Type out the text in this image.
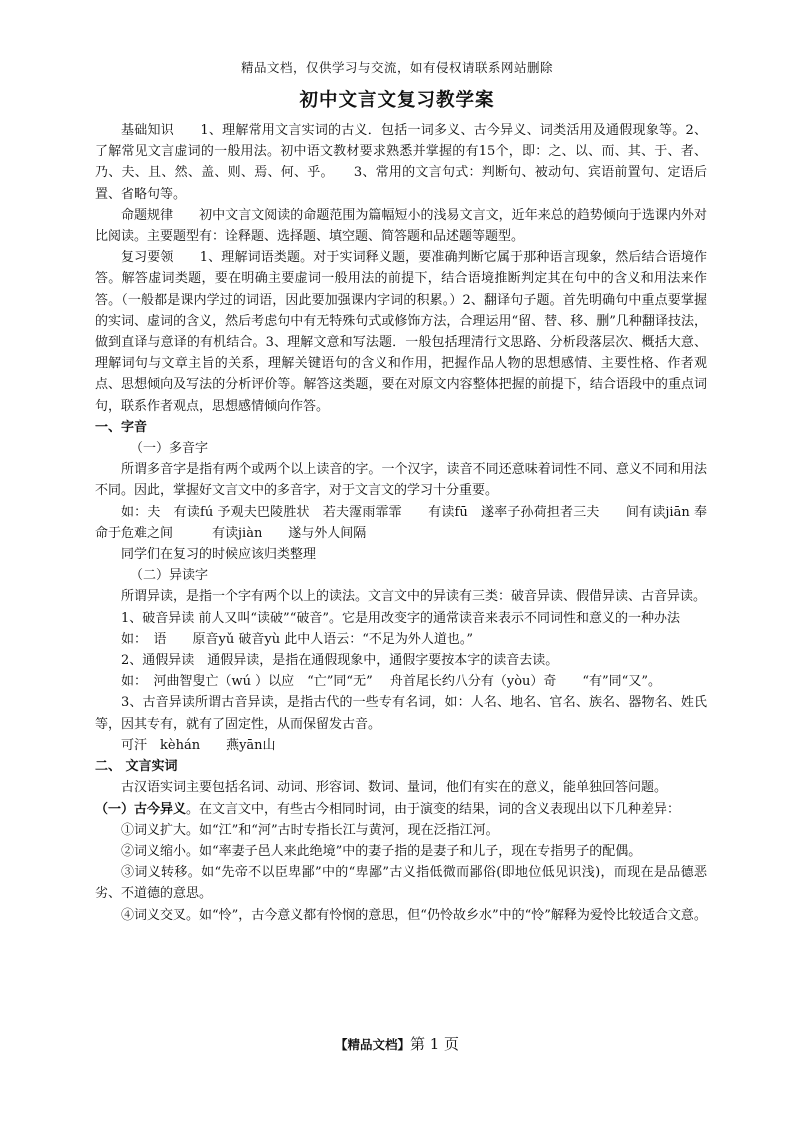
精品文档，仅供学习与交流，如有侵权请联系网站删除
初中文言文复习教学案

基础知识　　1、理解常用文言实词的古义．包括一词多义、古今异义、词类活用及通假现象等。2、了解常见文言虚词的一般用法。初中语文教材要求熟悉并掌握的有15个，即：之、以、而、其、于、者、乃、夫、且、然、盖、则、焉、何、乎。　　3、常用的文言句式：判断句、被动句、宾语前置句、定语后置、省略句等。

命题规律　　初中文言文阅读的命题范围为篇幅短小的浅易文言文，近年来总的趋势倾向于选课内外对比阅读。主要题型有：诠释题、选择题、填空题、简答题和品述题等题型。

复习要领　　1、理解词语类题。对于实词释义题，要准确判断它属于那种语言现象，然后结合语境作答。解答虚词类题，要在明确主要虚词一般用法的前提下，结合语境推断判定其在句中的含义和用法来作答。（一般都是课内学过的词语，因此要加强课内字词的积累。）2、翻译句子题。首先明确句中重点要掌握的实词、虚词的含义，然后考虑句中有无特殊句式或修饰方法，合理运用“留、替、移、删”几种翻译技法，做到直译与意译的有机结合。3、理解文意和写法题．一般包括理清行文思路、分析段落层次、概括大意、理解词句与文章主旨的关系，理解关键语句的含义和作用，把握作品人物的思想感情、主要性格、作者观点、思想倾向及写法的分析评价等。解答这类题，要在对原文内容整体把握的前提下，结合语段中的重点词句，联系作者观点，思想感情倾向作答。

一、字音

（一）多音字

所谓多音字是指有两个或两个以上读音的字。一个汉字，读音不同还意味着词性不同、意义不同和用法不同。因此，掌握好文言文中的多音字，对于文言文的学习十分重要。

如：夫　有读fú 予观夫巴陵胜状　若夫霪雨霏霏　　有读fū　遂率子孙荷担者三夫　　间有读jiān 奉命于危难之间　　　有读jiàn　　遂与外人间隔

同学们在复习的时候应该归类整理

（二）异读字

所谓异读，是指一个字有两个以上的读法。文言文中的异读有三类：破音异读、假借异读、古音异读。

1、破音异读 前人又叫“读破”“破音”。它是用改变字的通常读音来表示不同词性和意义的一种办法

如：　语　　原音yǔ 破音yù 此中人语云：“不足为外人道也。”

2、通假异读　通假异读，是指在通假现象中，通假字要按本字的读音去读。

如：　河曲智叟亡（wú ）以应　“亡”同“无”　 舟首尾长约八分有（yòu）奇　　“有”同“又”。

3、古音异读所谓古音异读，是指古代的一些专有名词，如：人名、地名、官名、族名、器物名、姓氏等，因其专有，就有了固定性，从而保留发古音。

可汗　kèhán　　燕yān山

二、 文言实词

古汉语实词主要包括名词、动词、形容词、数词、量词，他们有实在的意义，能单独回答问题。

（一）古今异义。在文言文中，有些古今相同时词，由于演变的结果，词的含义表现出以下几种差异：

①词义扩大。如“江”和“河”古时专指长江与黄河，现在泛指江河。

②词义缩小。如“率妻子邑人来此绝境”中的妻子指的是妻子和儿子，现在专指男子的配偶。

③词义转移。如“先帝不以臣卑鄙”中的“卑鄙”古义指低微而鄙俗(即地位低见识浅)，而现在是品德恶劣、不道德的意思。

④词义交叉。如“怜”，古今意义都有怜悯的意思，但“仍怜故乡水”中的“怜”解释为爱怜比较适合文意。

【精品文档】第 1 页
